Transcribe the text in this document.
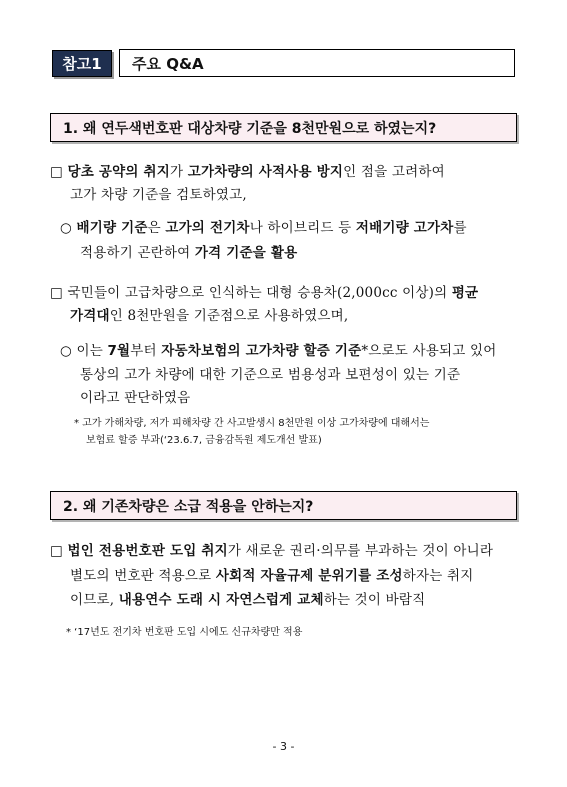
참고1	주요 Q&A
1. 왜 연두색번호판 대상차량 기준을 8천만원으로 하였는지?
□ 당초 공약의 취지가 고가차량의 사적사용 방지인 점을 고려하여
고가 차량 기준을 검토하였고,
○ 배기량 기준은 고가의 전기차나 하이브리드 등 저배기량 고가차를
적용하기 곤란하여 가격 기준을 활용
□ 국민들이 고급차량으로 인식하는 대형 승용차(2,000cc 이상)의 평균
가격대인 8천만원을 기준점으로 사용하였으며,
○ 이는 7월부터 자동차보험의 고가차량 할증 기준*으로도 사용되고 있어
통상의 고가 차량에 대한 기준으로 범용성과 보편성이 있는 기준
이라고 판단하였음
* 고가 가해차량, 저가 피해차량 간 사고발생시 8천만원 이상 고가차량에 대해서는
보험료 할증 부과(‘23.6.7, 금융감독원 제도개선 발표)
2. 왜 기존차량은 소급 적용을 안하는지?
□ 법인 전용번호판 도입 취지가 새로운 권리·의무를 부과하는 것이 아니라
별도의 번호판 적용으로 사회적 자율규제 분위기를 조성하자는 취지
이므로, 내용연수 도래 시 자연스럽게 교체하는 것이 바람직
* ‘17년도 전기차 번호판 도입 시에도 신규차량만 적용
- 3 -
